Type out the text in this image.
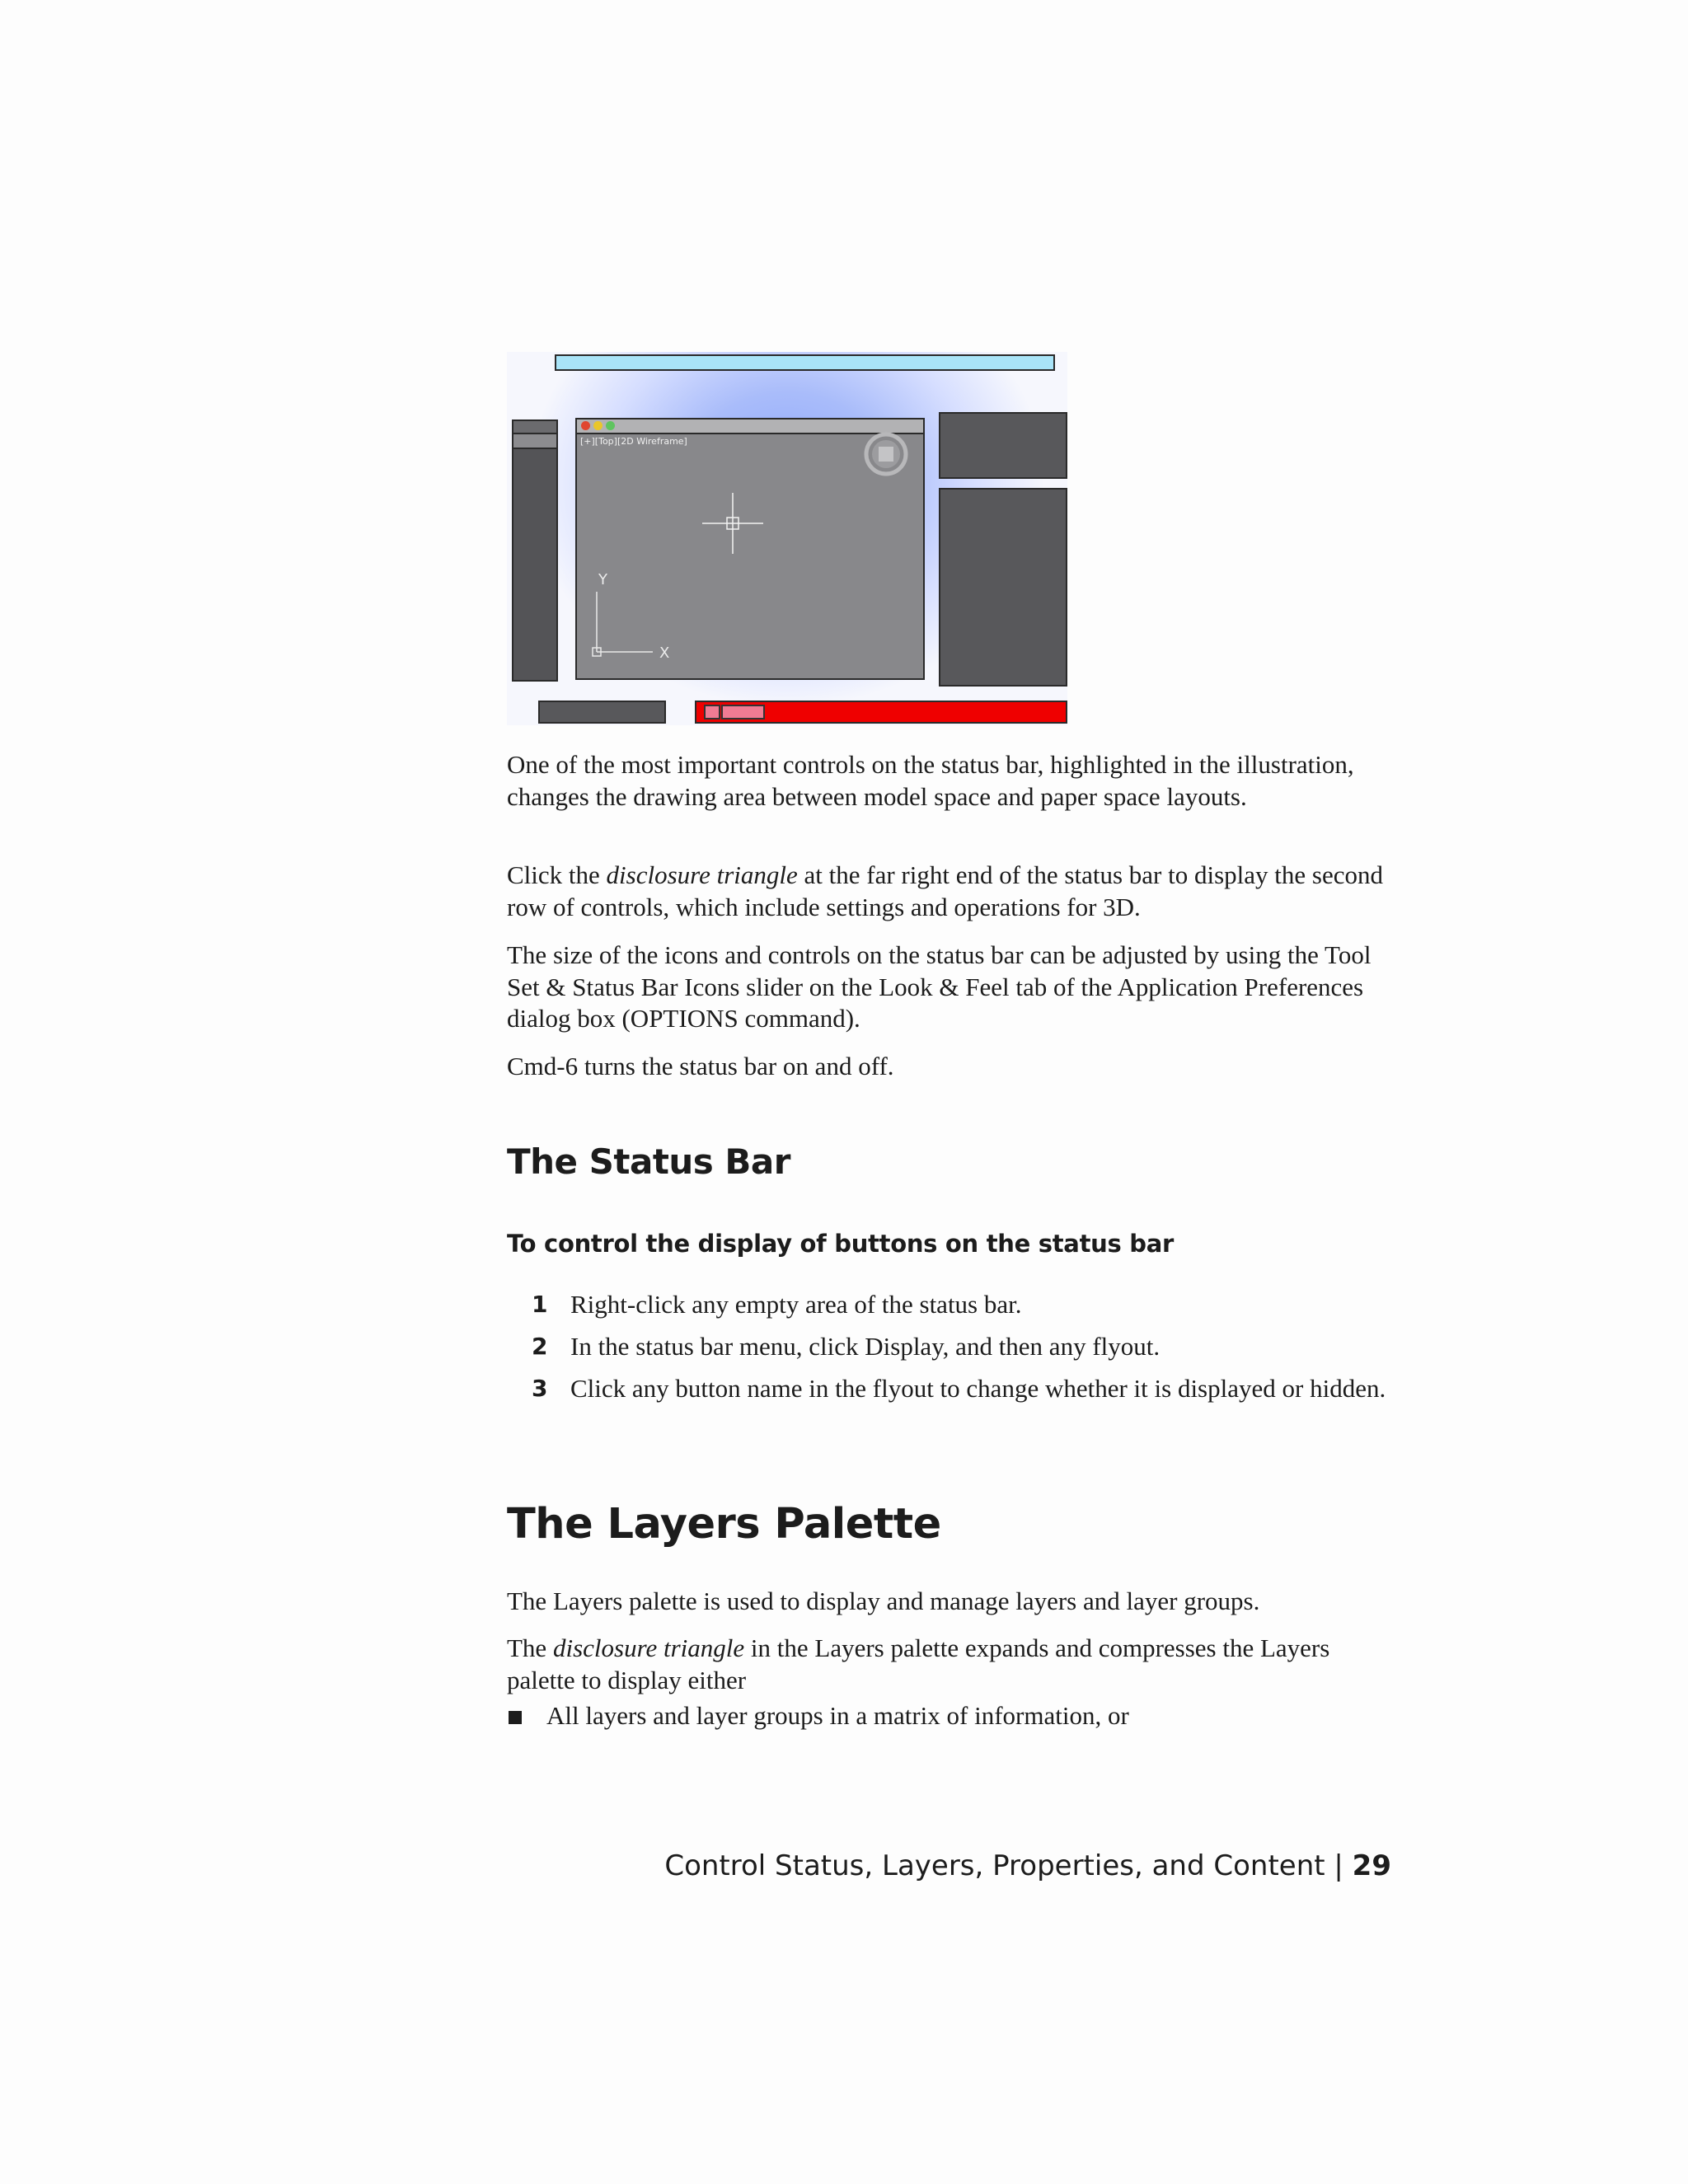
[+][Top][2D Wireframe]
Y
X

One of the most important controls on the status bar, highlighted in the illustration, changes the drawing area between model space and paper space layouts.

Click the disclosure triangle at the far right end of the status bar to display the second row of controls, which include settings and operations for 3D.

The size of the icons and controls on the status bar can be adjusted by using the Tool Set & Status Bar Icons slider on the Look & Feel tab of the Application Preferences dialog box (OPTIONS command).

Cmd-6 turns the status bar on and off.

The Status Bar
To control the display of buttons on the status bar
1 Right-click any empty area of the status bar.
2 In the status bar menu, click Display, and then any flyout.
3 Click any button name in the flyout to change whether it is displayed or hidden.
The Layers Palette

The Layers palette is used to display and manage layers and layer groups.

The disclosure triangle in the Layers palette expands and compresses the Layers palette to display either

All layers and layer groups in a matrix of information, or
Control Status, Layers, Properties, and Content | 29
